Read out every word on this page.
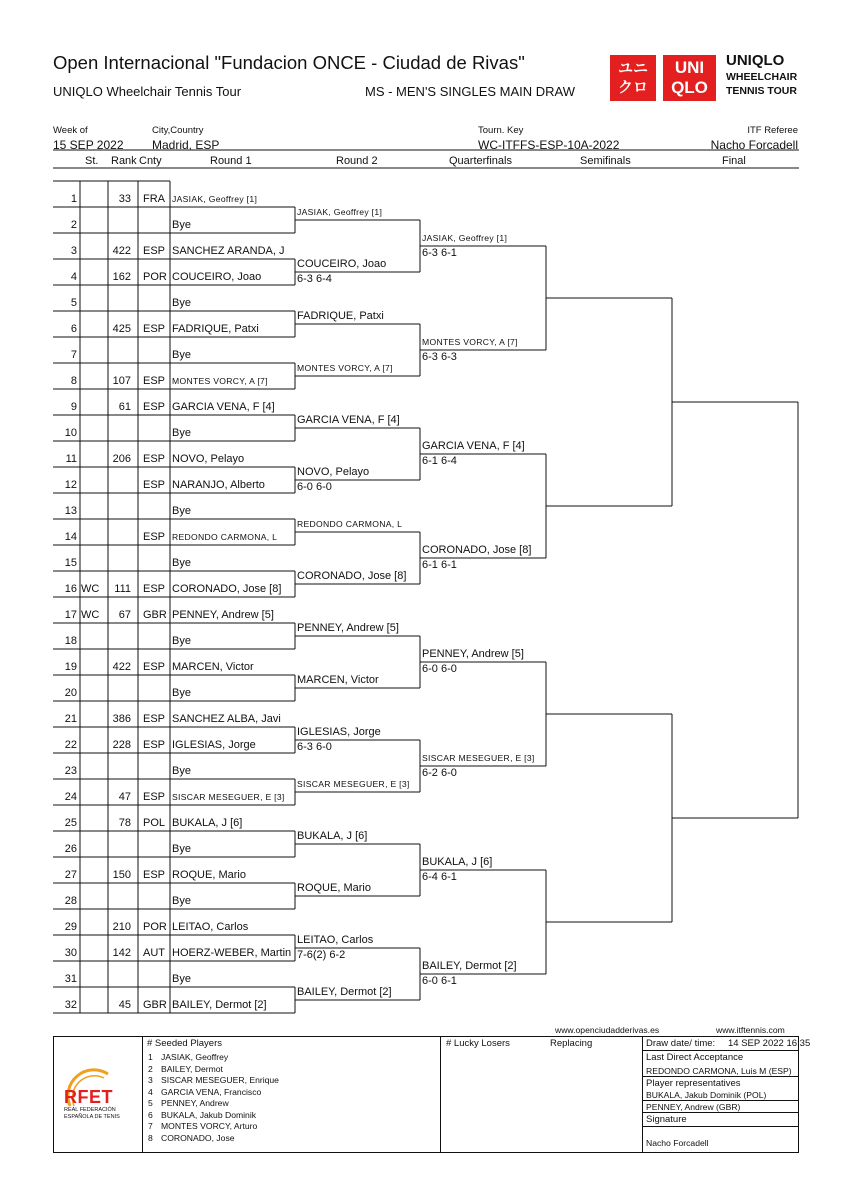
Open Internacional "Fundacion ONCE - Ciudad de Rivas"
UNIQLO Wheelchair Tennis Tour	MS - MEN'S SINGLES MAIN DRAW
ユニ
クロ
UNI
QLO
UNIQLO
WHEELCHAIR
TENNIS TOUR
Week of
15 SEP 2022
City,Country
Madrid, ESP
Tourn. Key
WC-ITFFS-ESP-10A-2022
ITF Referee
Nacho Forcadell
St. Rank Cnty	Round 1	Round 2	Quarterfinals	Semifinals	Final
1	33 FRA JASIAK, Geoffrey [1]
2	Bye
3	422 ESP SANCHEZ ARANDA, J
4	162 POR COUCEIRO, Joao
5	Bye
6	425 ESP FADRIQUE, Patxi
7	Bye
8	107 ESP MONTES VORCY, A [7]
9	61 ESP GARCIA VENA, F [4]
10	Bye
11	206 ESP NOVO, Pelayo
12	ESP NARANJO, Alberto
13	Bye
14	ESP REDONDO CARMONA, L
15	Bye
16 WC	111 ESP CORONADO, Jose [8]
17 WC	67 GBR PENNEY, Andrew [5]
18	Bye
19	422 ESP MARCEN, Victor
20	Bye
21	386 ESP SANCHEZ ALBA, Javi
22	228 ESP IGLESIAS, Jorge
23	Bye
24	47 ESP SISCAR MESEGUER, E [3]
25	78 POL BUKALA, J [6]
26	Bye
27	150 ESP ROQUE, Mario
28	Bye
29	210 POR LEITAO, Carlos
30	142 AUT HOERZ-WEBER, Martin
31	Bye
32	45 GBR BAILEY, Dermot [2]
JASIAK, Geoffrey [1]
COUCEIRO, Joao
6-3 6-4
FADRIQUE, Patxi
MONTES VORCY, A [7]
GARCIA VENA, F [4]
NOVO, Pelayo
6-0 6-0
REDONDO CARMONA, L
CORONADO, Jose [8]
PENNEY, Andrew [5]
MARCEN, Victor
IGLESIAS, Jorge
6-3 6-0
SISCAR MESEGUER, E [3]
BUKALA, J [6]
ROQUE, Mario
LEITAO, Carlos
7-6(2) 6-2
BAILEY, Dermot [2]
JASIAK, Geoffrey [1]
6-3 6-1
MONTES VORCY, A [7]
6-3 6-3
GARCIA VENA, F [4]
6-1 6-4
CORONADO, Jose [8]
6-1 6-1
PENNEY, Andrew [5]
6-0 6-0
SISCAR MESEGUER, E [3]
6-2 6-0
BUKALA, J [6]
6-4 6-1
BAILEY, Dermot [2]
6-0 6-1
www.openciudadderivas.es	www.itftennis.com
RFET
REAL FEDERACIÓN
ESPAÑOLA DE TENIS
# Seeded Players
1 JASIAK, Geoffrey
2 BAILEY, Dermot
3 SISCAR MESEGUER, Enrique
4 GARCIA VENA, Francisco
5 PENNEY, Andrew
6 BUKALA, Jakub Dominik
7 MONTES VORCY, Arturo
8 CORONADO, Jose
# Lucky Losers	Replacing	Draw date/ time: 14 SEP 2022 16:35
Last Direct Acceptance
REDONDO CARMONA, Luis M (ESP)
Player representatives
BUKALA, Jakub Dominik (POL)
PENNEY, Andrew (GBR)
Signature
Nacho Forcadell
